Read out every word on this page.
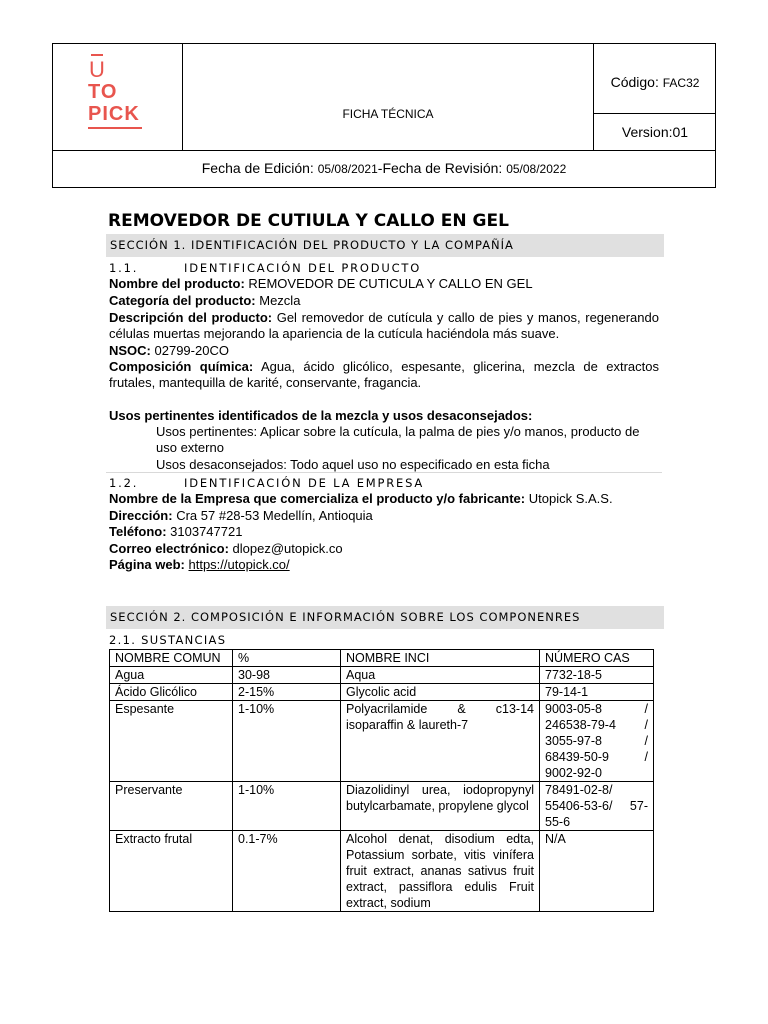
U
TO
PICK	FICHA TÉCNICA
Código: FAC32
Version:01
Fecha de Edición: 05/08/2021-Fecha de Revisión: 05/08/2022
REMOVEDOR DE CUTIULA Y CALLO EN GEL
SECCIÓN 1. IDENTIFICACIÓN DEL PRODUCTO Y LA COMPAÑÍA
1.1.	IDENTIFICACIÓN DEL PRODUCTO
Nombre del producto: REMOVEDOR DE CUTICULA Y CALLO EN GEL
Categoría del producto: Mezcla
Descripción del producto: Gel removedor de cutícula y callo de pies y manos, regenerando células muertas mejorando la apariencia de la cutícula haciéndola más suave.
NSOC: 02799-20CO
Composición química: Agua, ácido glicólico, espesante, glicerina, mezcla de extractos frutales, mantequilla de karité, conservante, fragancia.
Usos pertinentes identificados de la mezcla y usos desaconsejados:
Usos pertinentes: Aplicar sobre la cutícula, la palma de pies y/o manos, producto de uso externo
Usos desaconsejados: Todo aquel uso no especificado en esta ficha
1.2.	IDENTIFICACIÓN DE LA EMPRESA
Nombre de la Empresa que comercializa el producto y/o fabricante: Utopick S.A.S.
Dirección: Cra 57 #28-53 Medellín, Antioquia
Teléfono: 3103747721
Correo electrónico: dlopez@utopick.co
Página web: https://utopick.co/
SECCIÓN 2. COMPOSICIÓN E INFORMACIÓN SOBRE LOS COMPONENRES
2.1. SUSTANCIAS
NOMBRE COMUN	%	NOMBRE INCI	NÚMERO CAS
Agua	30-98	Aqua	7732-18-5
Ácido Glicólico	2-15%	Glycolic acid	79-14-1
Espesante	1-10%	Polyacrilamide & c13-14 isoparaffin & laureth-7	9003-05-8 / 246538-79-4 / 3055-97-8 / 68439-50-9 / 9002-92-0
Preservante	1-10%	Diazolidinyl urea, iodopropynyl butylcarbamate, propylene glycol	78491-02-8/ 55406-53-6/ 57-55-6
Extracto frutal	0.1-7%	Alcohol denat, disodium edta, Potassium sorbate, vitis vinífera fruit extract, ananas sativus fruit extract, passiflora edulis Fruit extract, sodium	N/A
